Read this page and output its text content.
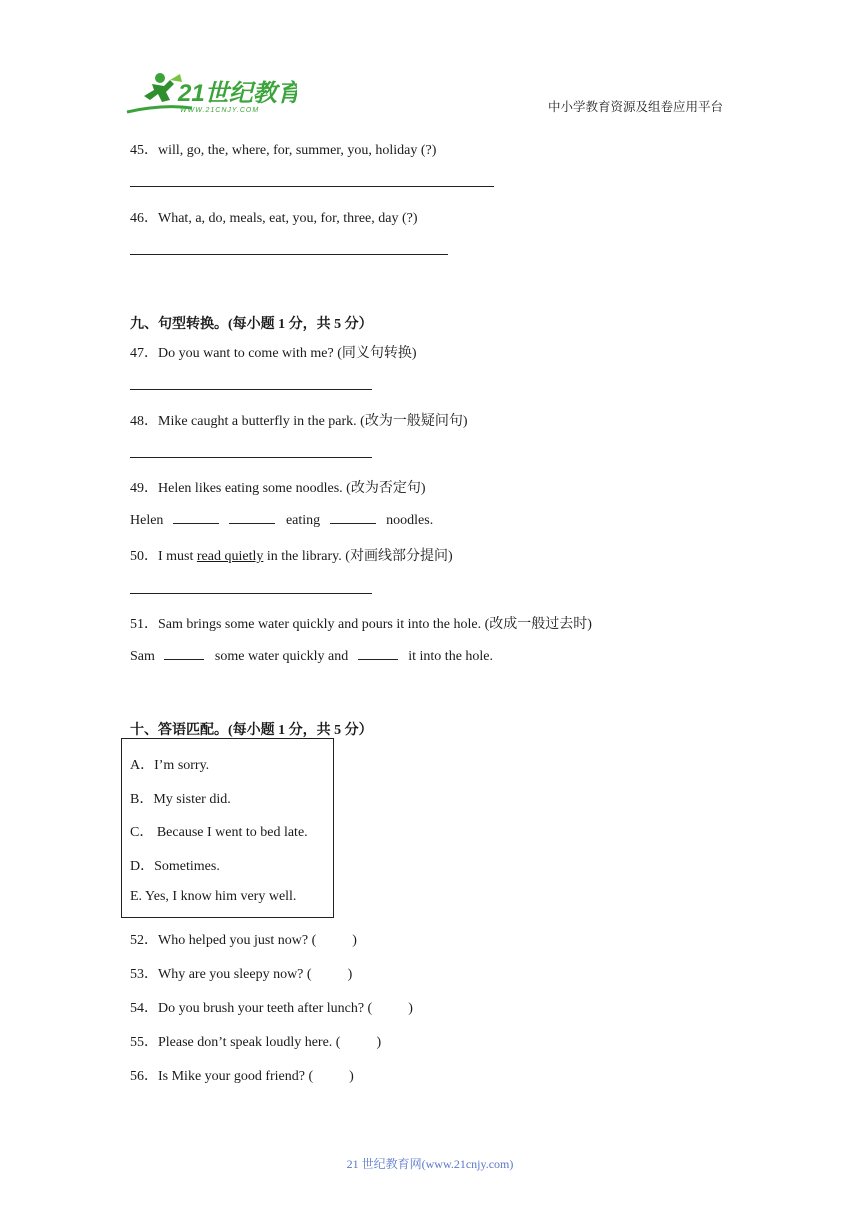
21世纪教育
WWW.21CNJY.COM	中小学教育资源及组卷应用平台
45．will, go, the, where, for, summer, you, holiday (?)
46．What, a, do, meals, eat, you, for, three, day (?)
九、句型转换。(每小题 1 分，共 5 分）
47．Do you want to come with me? (同义句转换)
48．Mike caught a butterfly in the park. (改为一般疑问句)
49．Helen likes eating some noodles. (改为否定句)
Helen	eating	noodles.
50．I must read quietly in the library. (对画线部分提问)
51．Sam brings some water quickly and pours it into the hole. (改成一般过去时)
Sam	some water quickly and	it into the hole.
十、答语匹配。(每小题 1 分，共 5 分）
A．I’m sorry.
B．My sister did.
C． Because I went to bed late.
D．Sometimes.
E. Yes, I know him very well.
52．Who helped you just now? (	)
53．Why are you sleepy now? (	)
54．Do you brush your teeth after lunch? (	)
55．Please don’t speak loudly here. (	)
56．Is Mike your good friend? (	)
21 世纪教育网(www.21cnjy.com)
